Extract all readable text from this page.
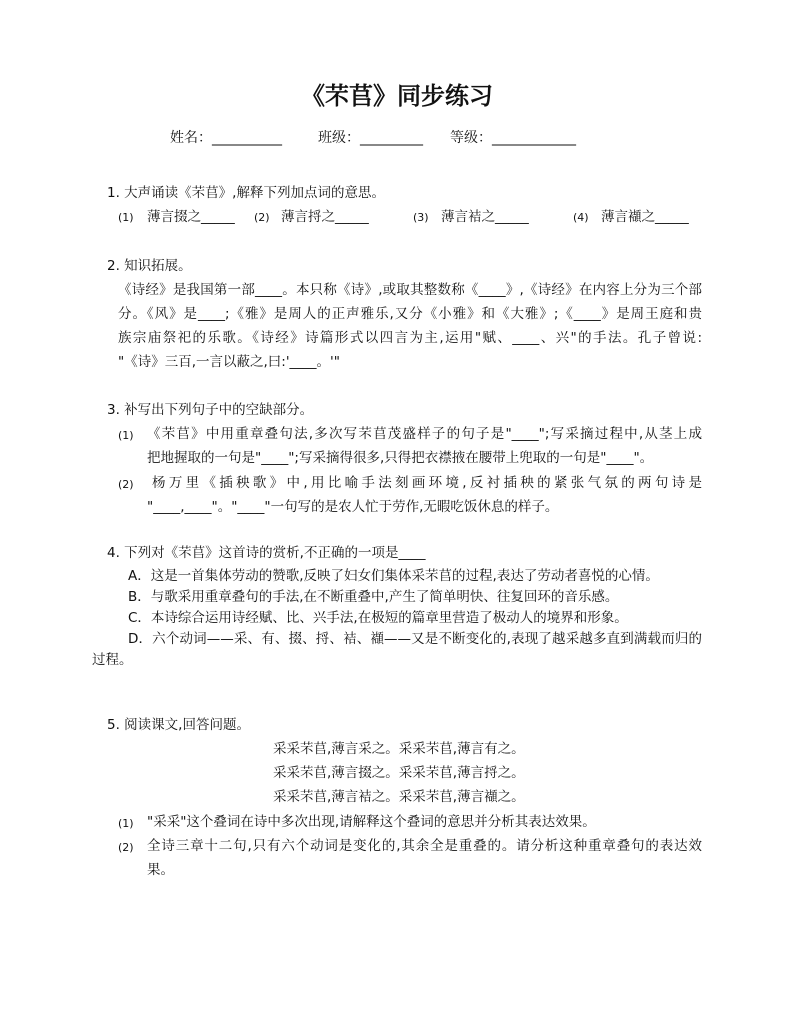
《芣苢》同步练习
姓名：__________	班级：_________ 等级：____________
1. 大声诵读《芣苢》,解释下列加点词的意思。
(1) 薄言掇之_____ (2) 薄言捋之_____	(3) 薄言袺之_____	(4) 薄言襭之_____
2. 知识拓展。
《诗经》是我国第一部____。本只称《诗》,或取其整数称《____》,《诗经》在内容上分为三个部
分。《风》是____;《雅》是周人的正声雅乐,又分《小雅》和《大雅》;《____》是周王庭和贵
族宗庙祭祀的乐歌。《诗经》诗篇形式以四言为主,运用"赋、____、兴"的手法。孔子曾说:
"《诗》三百,一言以蔽之,曰:'____。'"
3. 补写出下列句子中的空缺部分。
(1) 《芣苢》中用重章叠句法,多次写芣苢茂盛样子的句子是"____";写采摘过程中,从茎上成
把地握取的一句是"____";写采摘得很多,只得把衣襟掖在腰带上兜取的一句是"____"。
(2) 杨万里《插秧歌》中,用比喻手法刻画环境,反衬插秧的紧张气氛的两句诗是
"____,____"。"____"一句写的是农人忙于劳作,无暇吃饭休息的样子。
4. 下列对《芣苢》这首诗的赏析,不正确的一项是____
A．这是一首集体劳动的赞歌,反映了妇女们集体采芣苢的过程,表达了劳动者喜悦的心情。
B．与歌采用重章叠句的手法,在不断重叠中,产生了简单明快、往复回环的音乐感。
C．本诗综合运用诗经赋、比、兴手法,在极短的篇章里营造了极动人的境界和形象。
D．六个动词——采、有、掇、捋、袺、襭——又是不断变化的,表现了越采越多直到满载而归的
过程。
5. 阅读课文,回答问题。
采采芣苢,薄言采之。采采芣苢,薄言有之。
采采芣苢,薄言掇之。采采芣苢,薄言捋之。
采采芣苢,薄言袺之。采采芣苢,薄言襭之。
(1) "采采"这个叠词在诗中多次出现,请解释这个叠词的意思并分析其表达效果。
(2) 全诗三章十二句,只有六个动词是变化的,其余全是重叠的。请分析这种重章叠句的表达效
果。
